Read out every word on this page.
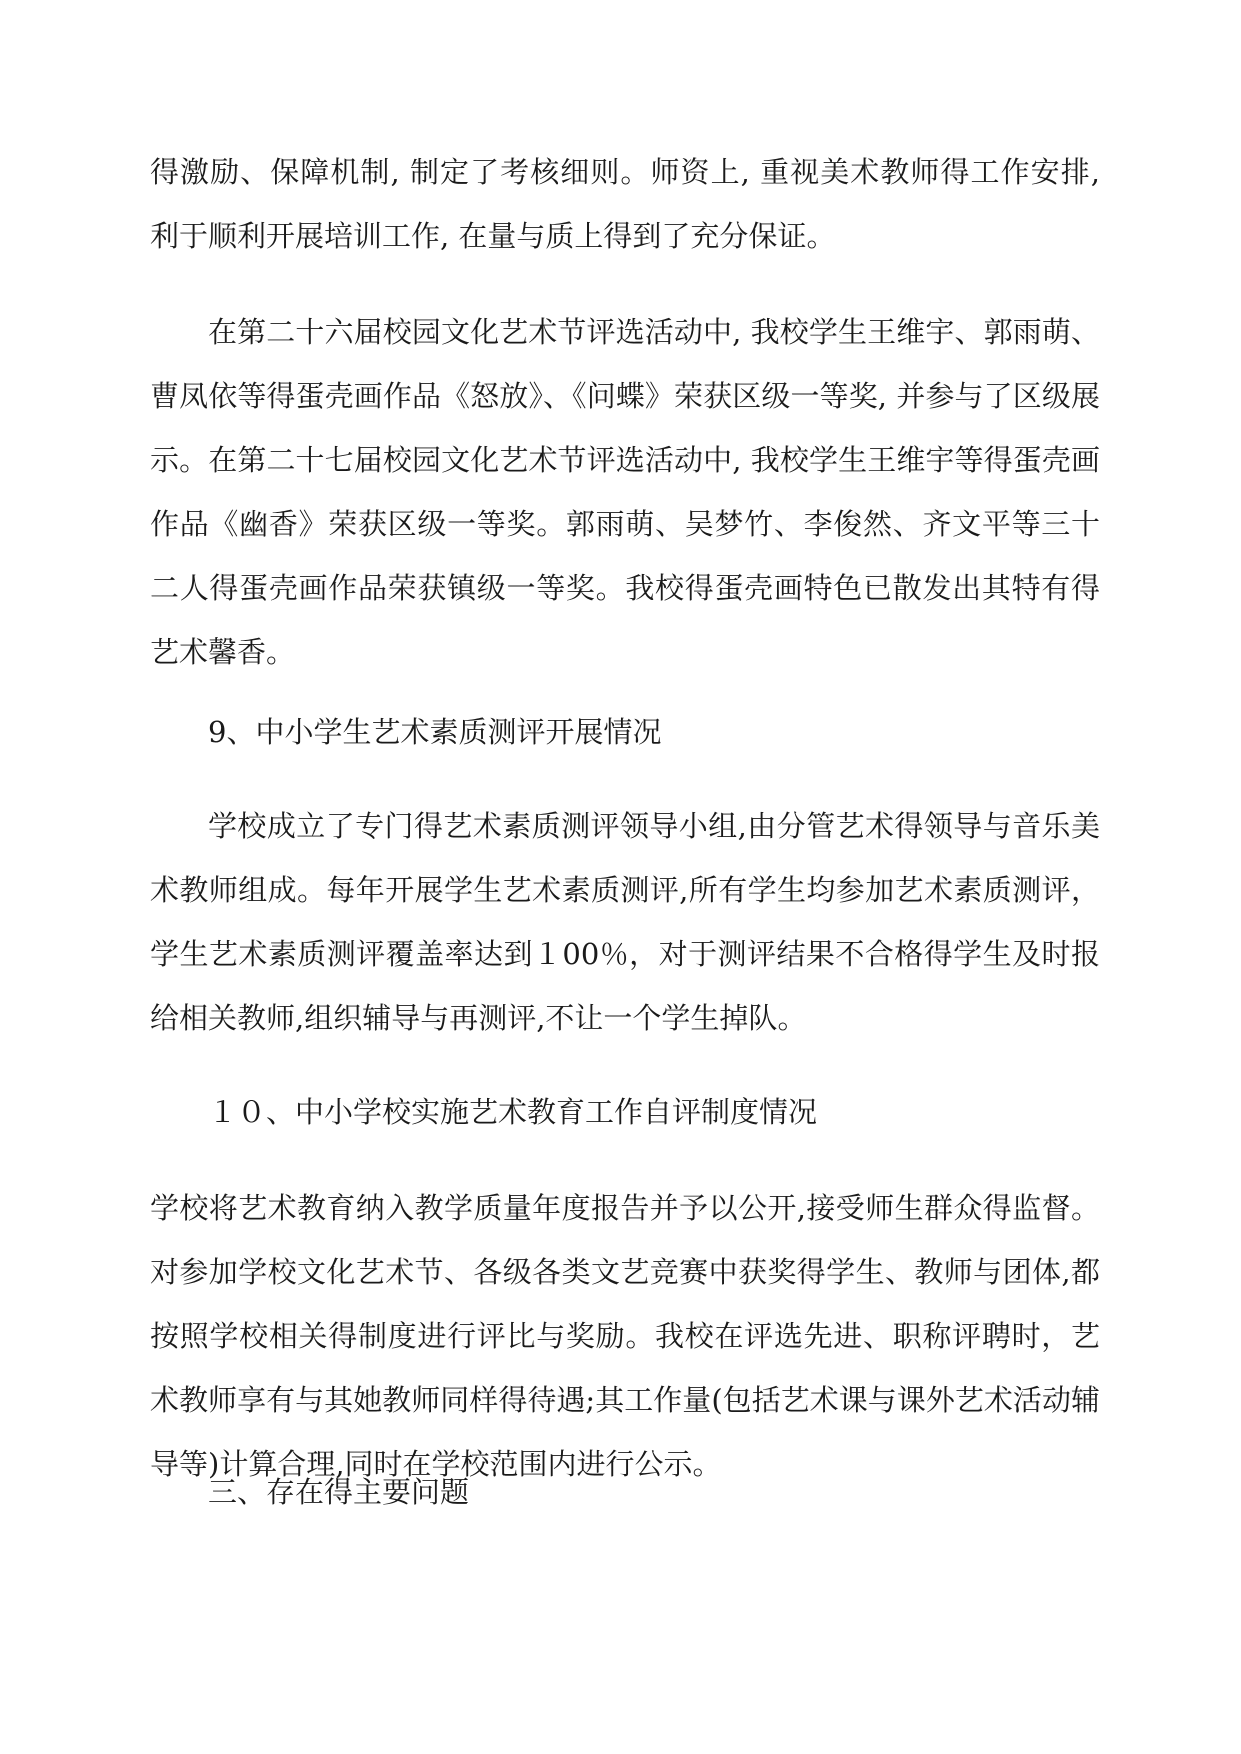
得激励、保障机制, 制定了考核细则。师资上, 重视美术教师得工作安排, 利于顺利开展培训工作, 在量与质上得到了充分保证。

在第二十六届校园文化艺术节评选活动中, 我校学生王维宇、郭雨萌、曹凤依等得蛋壳画作品《怒放》、《问蝶》荣获区级一等奖, 并参与了区级展示。在第二十七届校园文化艺术节评选活动中, 我校学生王维宇等得蛋壳画作品《幽香》荣获区级一等奖。郭雨萌、吴梦竹、李俊然、齐文平等三十二人得蛋壳画作品荣获镇级一等奖。我校得蛋壳画特色已散发出其特有得艺术馨香。

9、中小学生艺术素质测评开展情况

学校成立了专门得艺术素质测评领导小组,由分管艺术得领导与音乐美术教师组成。每年开展学生艺术素质测评,所有学生均参加艺术素质测评，学生艺术素质测评覆盖率达到１00％，对于测评结果不合格得学生及时报给相关教师,组织辅导与再测评,不让一个学生掉队。

１０、中小学校实施艺术教育工作自评制度情况

学校将艺术教育纳入教学质量年度报告并予以公开,接受师生群众得监督。对参加学校文化艺术节、各级各类文艺竞赛中获奖得学生、教师与团体,都按照学校相关得制度进行评比与奖励。我校在评选先进、职称评聘时，艺术教师享有与其她教师同样得待遇;其工作量(包括艺术课与课外艺术活动辅导等)计算合理,同时在学校范围内进行公示。

三、存在得主要问题
